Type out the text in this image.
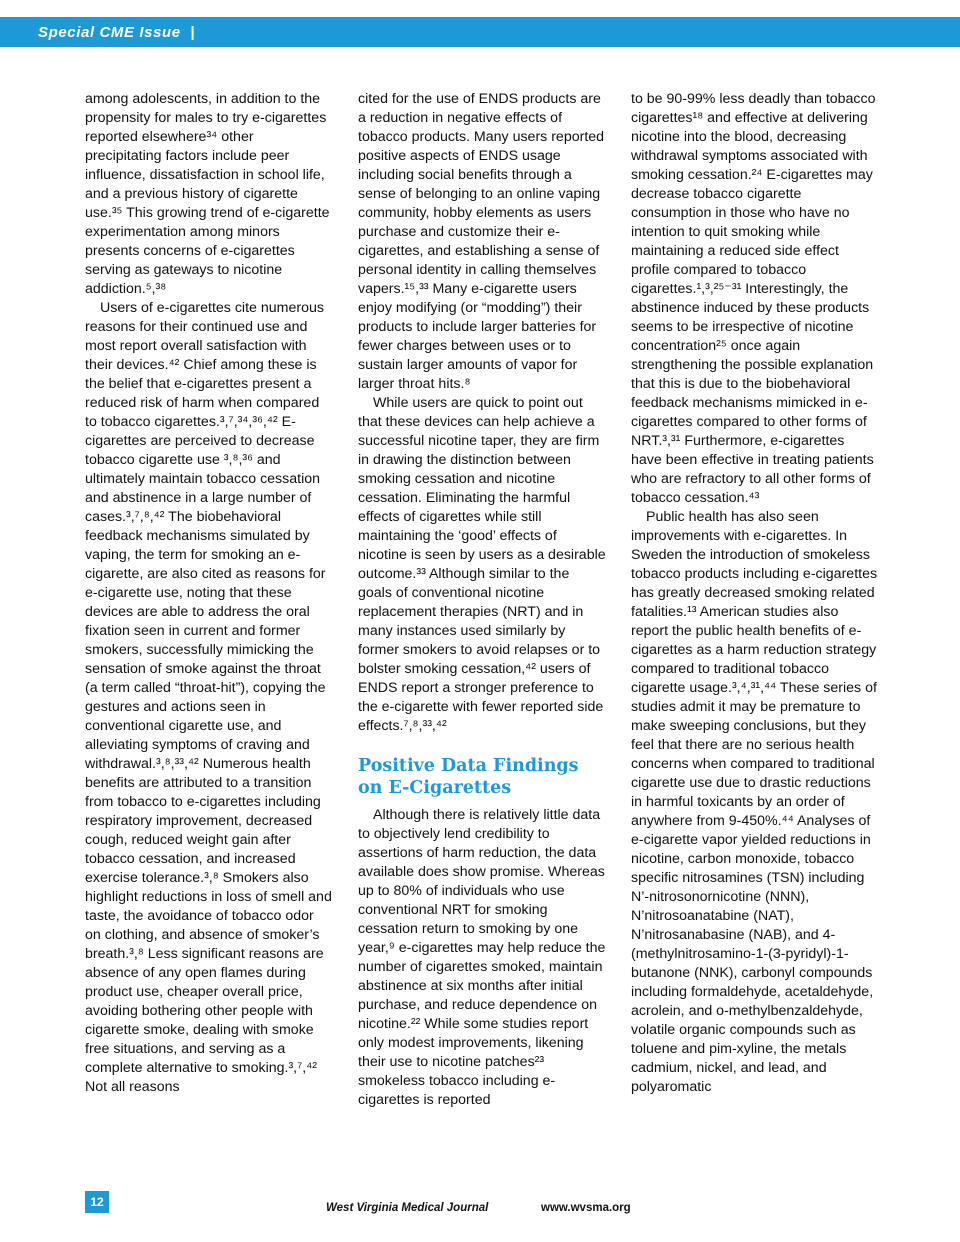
Special CME Issue  |

among adolescents, in addition to the propensity for males to try e-cigarettes reported elsewhere³⁴ other precipitating factors include peer influence, dissatisfaction in school life, and a previous history of cigarette use.³⁵ This growing trend of e-cigarette experimentation among minors presents concerns of e-cigarettes serving as gateways to nicotine addiction.⁵,³⁸

Users of e-cigarettes cite numerous reasons for their continued use and most report overall satisfaction with their devices.⁴² Chief among these is the belief that e-cigarettes present a reduced risk of harm when compared to tobacco cigarettes.³,⁷,³⁴,³⁶,⁴² E-cigarettes are perceived to decrease tobacco cigarette use ³,⁸,³⁶ and ultimately maintain tobacco cessation and abstinence in a large number of cases.³,⁷,⁸,⁴² The biobehavioral feedback mechanisms simulated by vaping, the term for smoking an e-cigarette, are also cited as reasons for e-cigarette use, noting that these devices are able to address the oral fixation seen in current and former smokers, successfully mimicking the sensation of smoke against the throat (a term called “throat-hit”), copying the gestures and actions seen in conventional cigarette use, and alleviating symptoms of craving and withdrawal.³,⁸,³³,⁴² Numerous health benefits are attributed to a transition from tobacco to e-cigarettes including respiratory improvement, decreased cough, reduced weight gain after tobacco cessation, and increased exercise tolerance.³,⁸ Smokers also highlight reductions in loss of smell and taste, the avoidance of tobacco odor on clothing, and absence of smoker’s breath.³,⁸ Less significant reasons are absence of any open flames during product use, cheaper overall price, avoiding bothering other people with cigarette smoke, dealing with smoke free situations, and serving as a complete alternative to smoking.³,⁷,⁴² Not all reasons

cited for the use of ENDS products are a reduction in negative effects of tobacco products. Many users reported positive aspects of ENDS usage including social benefits through a sense of belonging to an online vaping community, hobby elements as users purchase and customize their e-cigarettes, and establishing a sense of personal identity in calling themselves vapers.¹⁵,³³ Many e-cigarette users enjoy modifying (or “modding”) their products to include larger batteries for fewer charges between uses or to sustain larger amounts of vapor for larger throat hits.⁸

While users are quick to point out that these devices can help achieve a successful nicotine taper, they are firm in drawing the distinction between smoking cessation and nicotine cessation. Eliminating the harmful effects of cigarettes while still maintaining the ‘good’ effects of nicotine is seen by users as a desirable outcome.³³ Although similar to the goals of conventional nicotine replacement therapies (NRT) and in many instances used similarly by former smokers to avoid relapses or to bolster smoking cessation,⁴² users of ENDS report a stronger preference to the e-cigarette with fewer reported side effects.⁷,⁸,³³,⁴²

Positive Data Findings on E-Cigarettes

Although there is relatively little data to objectively lend credibility to assertions of harm reduction, the data available does show promise. Whereas up to 80% of individuals who use conventional NRT for smoking cessation return to smoking by one year,⁹ e-cigarettes may help reduce the number of cigarettes smoked, maintain abstinence at six months after initial purchase, and reduce dependence on nicotine.²² While some studies report only modest improvements, likening their use to nicotine patches²³ smokeless tobacco including e-cigarettes is reported

to be 90-99% less deadly than tobacco cigarettes¹⁸ and effective at delivering nicotine into the blood, decreasing withdrawal symptoms associated with smoking cessation.²⁴ E-cigarettes may decrease tobacco cigarette consumption in those who have no intention to quit smoking while maintaining a reduced side effect profile compared to tobacco cigarettes.¹,³,²⁵⁻³¹ Interestingly, the abstinence induced by these products seems to be irrespective of nicotine concentration²⁵ once again strengthening the possible explanation that this is due to the biobehavioral feedback mechanisms mimicked in e-cigarettes compared to other forms of NRT.³,³¹ Furthermore, e-cigarettes have been effective in treating patients who are refractory to all other forms of tobacco cessation.⁴³

Public health has also seen improvements with e-cigarettes. In Sweden the introduction of smokeless tobacco products including e-cigarettes has greatly decreased smoking related fatalities.¹³ American studies also report the public health benefits of e-cigarettes as a harm reduction strategy compared to traditional tobacco cigarette usage.³,⁴,³¹,⁴⁴ These series of studies admit it may be premature to make sweeping conclusions, but they feel that there are no serious health concerns when compared to traditional cigarette use due to drastic reductions in harmful toxicants by an order of anywhere from 9-450%.⁴⁴ Analyses of e-cigarette vapor yielded reductions in nicotine, carbon monoxide, tobacco specific nitrosamines (TSN) including N’-nitrosonornicotine (NNN), N’nitrosoanatabine (NAT), N’nitrosanabasine (NAB), and 4-(methylnitrosamino-1-(3-pyridyl)-1-butanone (NNK), carbonyl compounds including formaldehyde, acetaldehyde, acrolein, and o-methylbenzaldehyde, volatile organic compounds such as toluene and pim-xyline, the metals cadmium, nickel, and lead, and polyaromatic

12	West Virginia Medical Journal	www.wvsma.org
